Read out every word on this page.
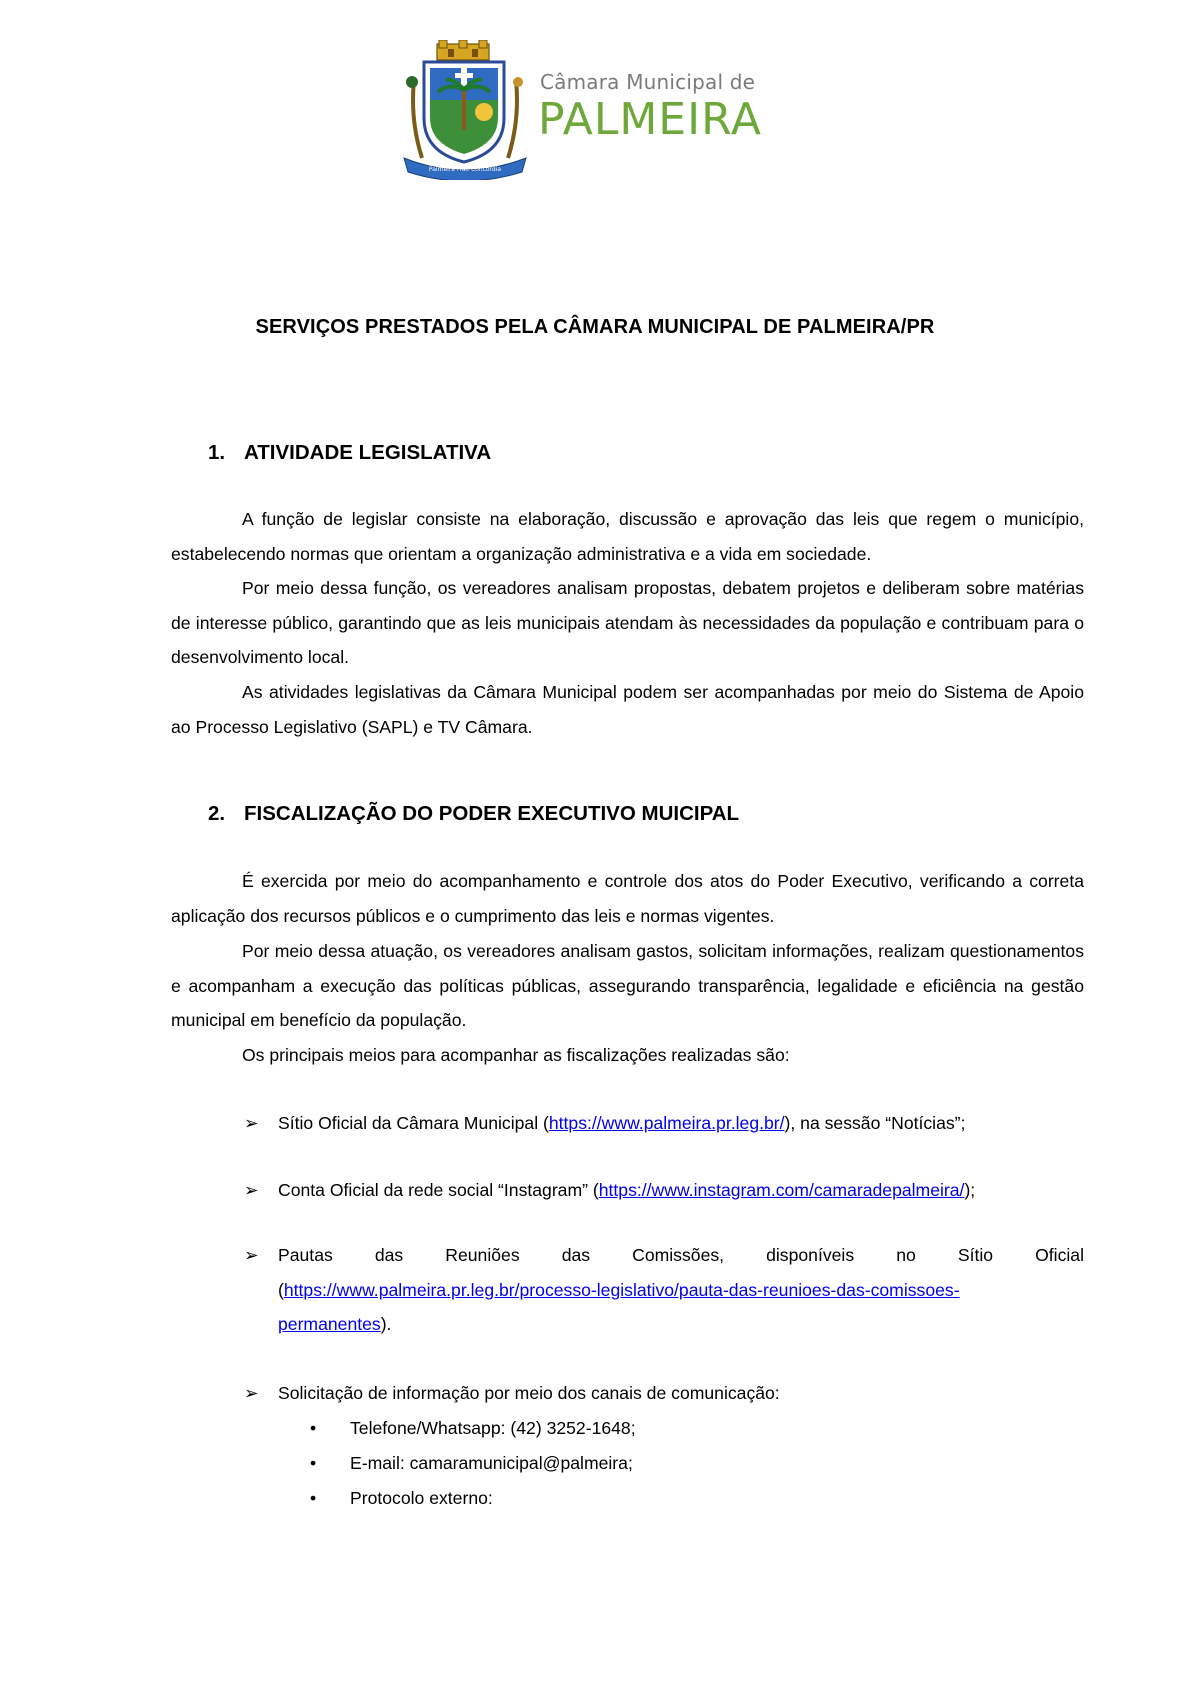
Palmeira Fide Concordia
Câmara Municipal de
PALMEIRA
SERVIÇOS PRESTADOS PELA CÂMARA MUNICIPAL DE PALMEIRA/PR
1. ATIVIDADE LEGISLATIVA

A função de legislar consiste na elaboração, discussão e aprovação das leis que regem o município, estabelecendo normas que orientam a organização administrativa e a vida em sociedade.

Por meio dessa função, os vereadores analisam propostas, debatem projetos e deliberam sobre matérias de interesse público, garantindo que as leis municipais atendam às necessidades da população e contribuam para o desenvolvimento local.

As atividades legislativas da Câmara Municipal podem ser acompanhadas por meio do Sistema de Apoio ao Processo Legislativo (SAPL) e TV Câmara.

2. FISCALIZAÇÃO DO PODER EXECUTIVO MUICIPAL

É exercida por meio do acompanhamento e controle dos atos do Poder Executivo, verificando a correta aplicação dos recursos públicos e o cumprimento das leis e normas vigentes.

Por meio dessa atuação, os vereadores analisam gastos, solicitam informações, realizam questionamentos e acompanham a execução das políticas públicas, assegurando transparência, legalidade e eficiência na gestão municipal em benefício da população.

Os principais meios para acompanhar as fiscalizações realizadas são:

➢ Sítio Oficial da Câmara Municipal (https://www.palmeira.pr.leg.br/), na sessão “Notícias”;
➢ Conta Oficial da rede social “Instagram” (https://www.instagram.com/camaradepalmeira/);
➢ Pautas das Reuniões das Comissões, disponíveis no Sítio Oficial
(https://www.palmeira.pr.leg.br/processo-legislativo/pauta-das-reunioes-das-comissoes-
permanentes).
➢ Solicitação de informação por meio dos canais de comunicação:
• Telefone/Whatsapp: (42) 3252-1648;
• E-mail: camaramunicipal@palmeira;
• Protocolo externo:
